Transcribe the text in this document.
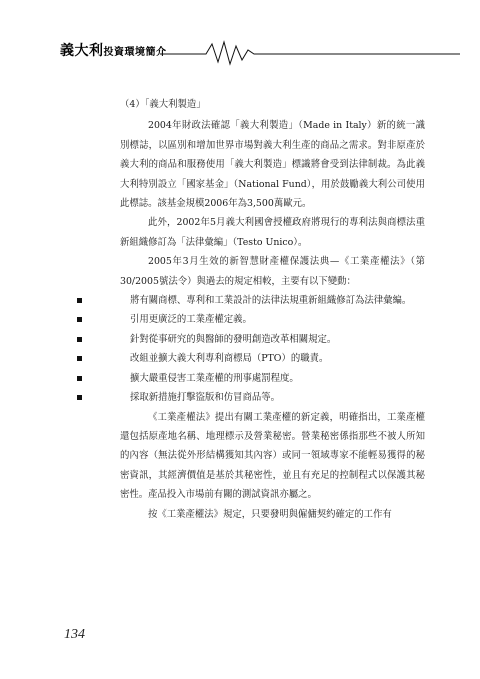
義大利投資環境簡介

（4）「義大利製造」

2004年財政法確認「義大利製造」（Made in Italy）新的統一識別標誌，以區別和增加世界市場對義大利生產的商品之需求。對非原產於義大利的商品和服務使用「義大利製造」標識將會受到法律制裁。為此義大利特別設立「國家基金」（National Fund），用於鼓勵義大利公司使用此標誌。該基金規模2006年為3,500萬歐元。

此外，2002年5月義大利國會授權政府將現行的專利法與商標法重新組織修訂為「法律彙編」（Testo Unico）。

2005年3月生效的新智慧財產權保護法典—《工業產權法》（第30/2005號法令）與過去的規定相較，主要有以下變動：

將有關商標、專利和工業設計的法律法規重新組織修訂為法律彙編。

引用更廣泛的工業產權定義。

針對從事研究的與醫師的發明創造改革相關規定。

改組並擴大義大利專利商標局（PTO）的職責。

擴大嚴重侵害工業產權的刑事處罰程度。

採取新措施打擊盜版和仿冒商品等。

《工業產權法》提出有關工業產權的新定義，明確指出，工業產權還包括原產地名稱、地理標示及營業秘密。營業秘密係指那些不被人所知的內容（無法從外形結構獲知其內容）或同一領域專家不能輕易獲得的秘密資訊，其經濟價值是基於其秘密性，並且有充足的控制程式以保護其秘密性。產品投入市場前有關的測試資訊亦屬之。

按《工業產權法》規定，只要發明與僱傭契約確定的工作有

134
